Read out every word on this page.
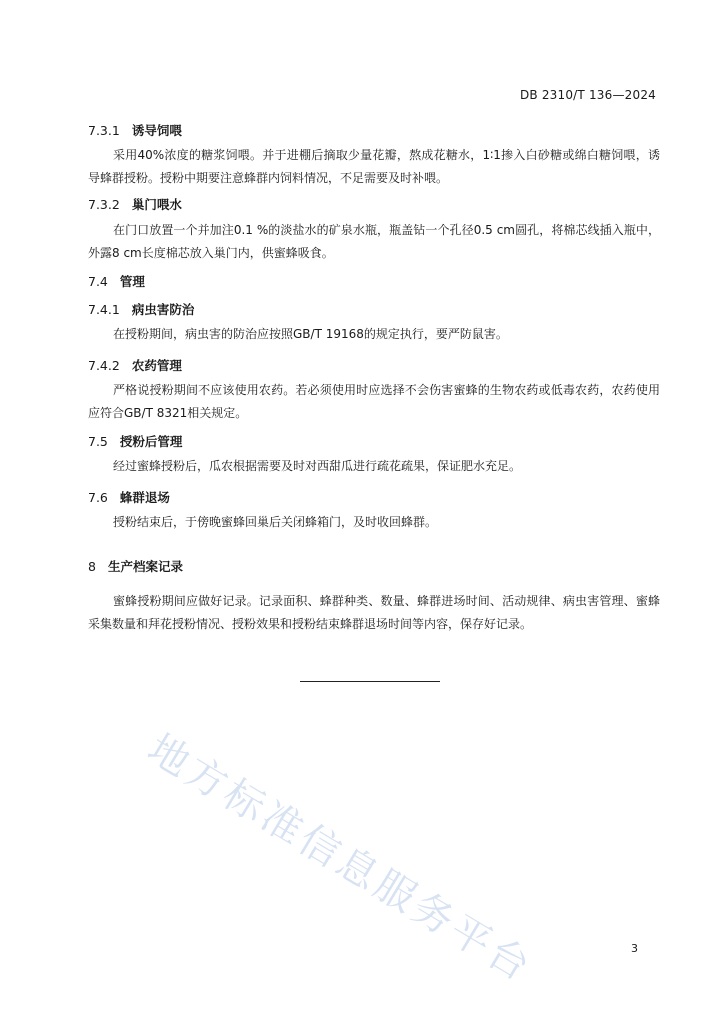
DB 2310/T 136—2024
7.3.1 诱导饲喂
采用40%浓度的糖浆饲喂。并于进棚后摘取少量花瓣，熬成花糖水，1∶1掺入白砂糖或绵白糖饲喂，诱导蜂群授粉。授粉中期要注意蜂群内饲料情况，不足需要及时补喂。
7.3.2 巢门喂水
在门口放置一个并加注0.1 %的淡盐水的矿泉水瓶，瓶盖钻一个孔径0.5 cm圆孔，将棉芯线插入瓶中，外露8 cm长度棉芯放入巢门内，供蜜蜂吸食。
7.4 管理
7.4.1 病虫害防治
在授粉期间，病虫害的防治应按照GB/T 19168的规定执行，要严防鼠害。
7.4.2 农药管理
严格说授粉期间不应该使用农药。若必须使用时应选择不会伤害蜜蜂的生物农药或低毒农药，农药使用应符合GB/T 8321相关规定。
7.5 授粉后管理
经过蜜蜂授粉后，瓜农根据需要及时对西甜瓜进行疏花疏果，保证肥水充足。
7.6 蜂群退场
授粉结束后，于傍晚蜜蜂回巢后关闭蜂箱门，及时收回蜂群。
8 生产档案记录
蜜蜂授粉期间应做好记录。记录面积、蜂群种类、数量、蜂群进场时间、活动规律、病虫害管理、蜜蜂采集数量和拜花授粉情况、授粉效果和授粉结束蜂群退场时间等内容，保存好记录。
地方标准信息服务平台	3
